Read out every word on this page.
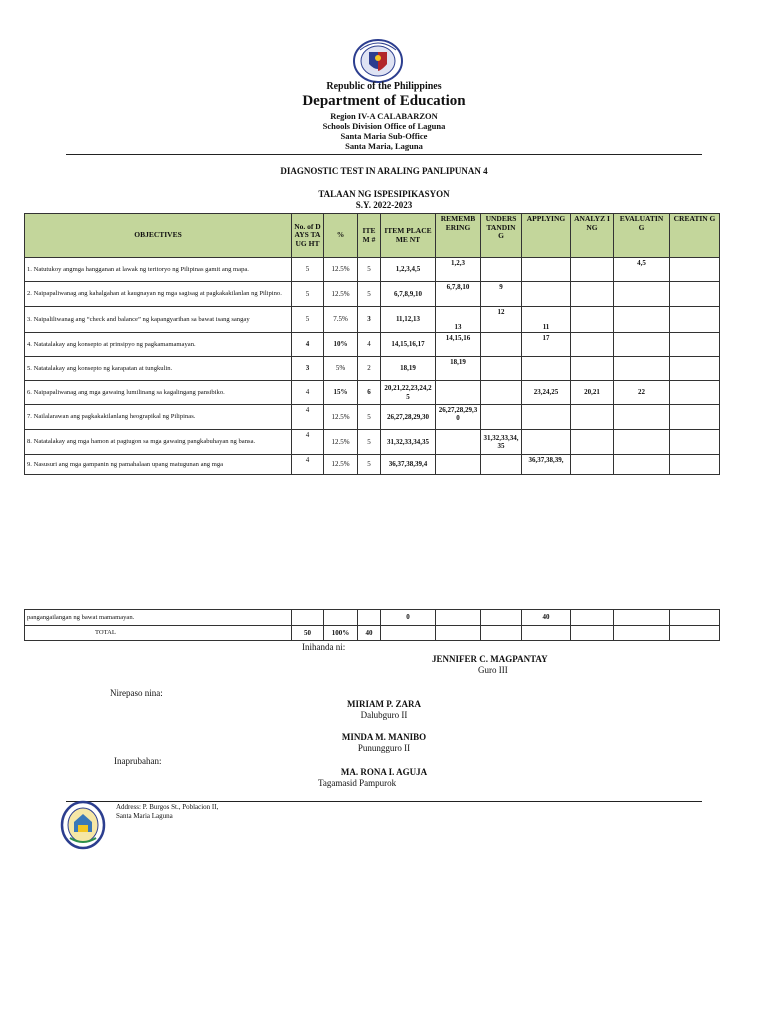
Republic of the Philippines
Department of Education
Region IV-A CALABARZON
Schools Division Office of Laguna
Santa Maria Sub-Office
Santa Maria, Laguna
DIAGNOSTIC TEST IN ARALING PANLIPUNAN 4
TALAAN NG ISPESIPIKASYON
S.Y. 2022-2023
OBJECTIVES	No. of DAYS TAUG HT	%	ITE M #	ITEM PLACEME NT	REMEMB ERING	UNDERS TANDIN G	APPLYING	ANALYZ ING	EVALUATIN G	CREATIN G
1. Natutukoy angmga hangganan at lawak ng teritoryo ng Pilipinas gamit ang mapa.	5	12.5%	5	1,2,3,4,5	1,2,3				4,5	
2. Naipapaliwanag ang kahalgahan at kaugnayan ng mga sagisag at pagkakakilanlan ng Pilipino.	5	12.5%	5	6,7,8,9,10	6,7,8,10	9				
3. Naipaliliwanag ang “check and balance” ng kapangyarihan sa bawat isang sangay	5	7.5%	3	11,12,13	13	12	11			
4. Natatalakay ang konsepto at prinsipyo ng pagkamamamayan.	4	10%	4	14,15,16,17	14,15,16		17			
5. Natatalakay ang konsepto ng karapatan at tungkulin.	3	5%	2	18,19	18,19					
6. Naipapaliwanag ang mga gawaing lumilinang sa kagalingang pansibiko.	4	15%	6	20,21,22,23,24,25			23,24,25	20,21	22	
7. Nailalarawan ang pagkakakilanlang heograpikal ng Pilipinas.	4	12.5%	5	26,27,28,29,30	26,27,28,29,30					
8. Natatalakay ang mga hamon at pagtugon sa mga gawaing pangkabuhayan ng bansa.	4	12.5%	5	31,32,33,34,35		31,32,33,34,35				
9. Nasusuri ang mga gampanin ng pamahalaan upang matugunan ang mga	4	12.5%	5	36,37,38,39,4			36,37,38,39,			
pangangailangan ng bawat mamamayan.				0			40			
TOTAL	50	100%	40							
Inihanda ni:
JENNIFER C. MAGPANTAY
Guro III
Nirepaso nina:
MIRIAM P. ZARA
Dalubguro II
MINDA M. MANIBO
Punungguro II
Inaprubahan:
MA. RONA I. AGUJA
Tagamasid Pampurok
Address: P. Burgos St., Poblacion II,
Santa Maria Laguna
